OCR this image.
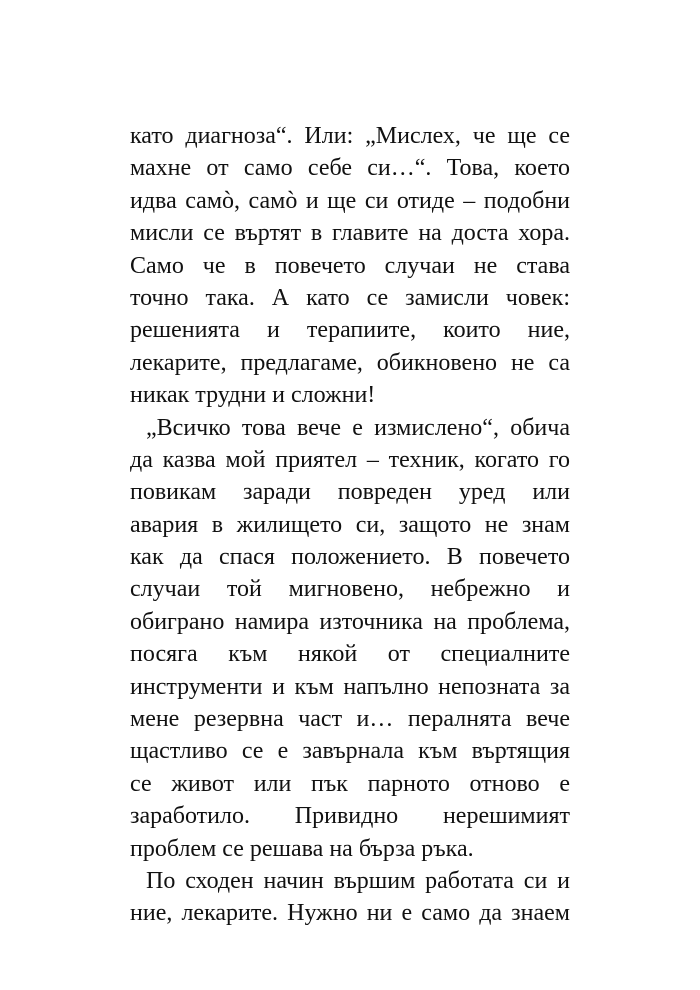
като диагноза“. Или: „Мислех, че ще се
махне от само себе си…“. Това, което
идва самò, самò и ще си отиде – подобни
мисли се въртят в главите на доста хора.
Само че в повечето случаи не става
точно така. А като се замисли човек:
решенията и терапиите, които ние,
лекарите, предлагаме, обикновено не са
никак трудни и сложни!
„Всичко това вече е измислено“, обича
да казва мой приятел – техник, когато го
повикам заради повреден уред или
авария в жилището си, защото не знам
как да спася положението. В повечето
случаи той мигновено, небрежно и
обиграно намира източника на проблема,
посяга към някой от специалните
инструменти и към напълно непозната за
мене резервна част и… пералнята вече
щастливо се е завърнала към въртящия
се живот или пък парното отново е
заработило. Привидно нерешимият
проблем се решава на бърза ръка.
По сходен начин вършим работата си и
ние, лекарите. Нужно ни е само да знаем
